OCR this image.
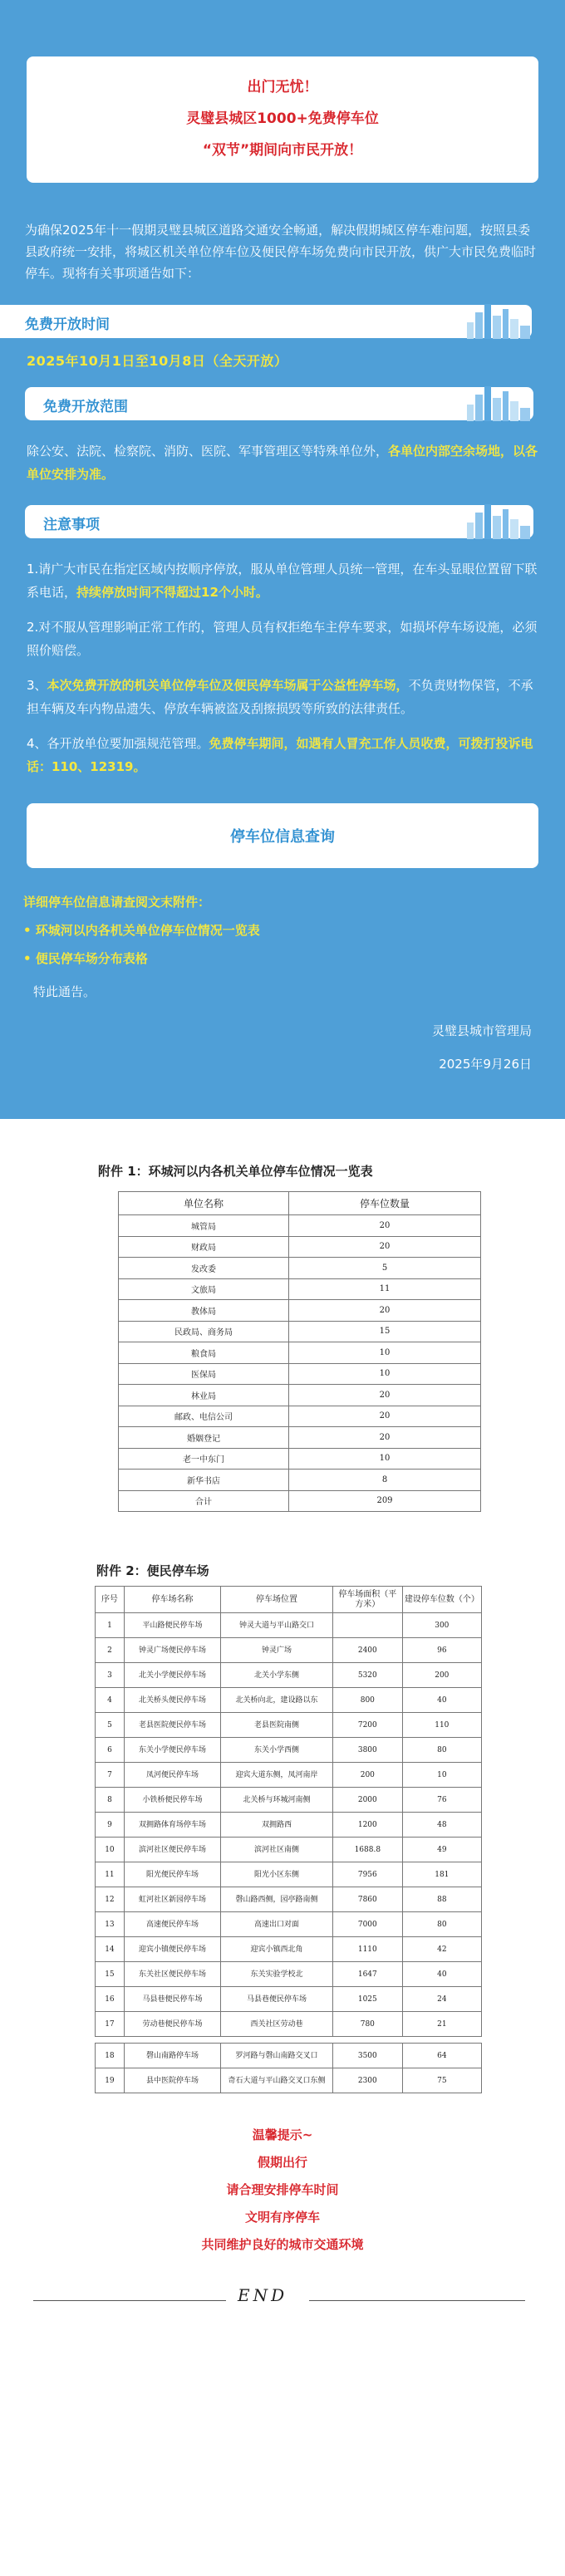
出门无忧！
灵璧县城区1000+免费停车位
“双节”期间向市民开放！

为确保2025年十一假期灵璧县城区道路交通安全畅通，解决假期城区停车难问题，按照县委县政府统一安排，将城区机关单位停车位及便民停车场免费向市民开放，供广大市民免费临时停车。现将有关事项通告如下：

免费开放时间
2025年10月1日至10月8日（全天开放）
免费开放范围

除公安、法院、检察院、消防、医院、军事管理区等特殊单位外，各单位内部空余场地，以各单位安排为准。

注意事项

1.请广大市民在指定区域内按顺序停放，服从单位管理人员统一管理，在车头显眼位置留下联系电话，持续停放时间不得超过12个小时。

2.对不服从管理影响正常工作的，管理人员有权拒绝车主停车要求，如损坏停车场设施，必须照价赔偿。

3、本次免费开放的机关单位停车位及便民停车场属于公益性停车场，不负责财物保管，不承担车辆及车内物品遗失、停放车辆被盗及刮擦损毁等所致的法律责任。

4、各开放单位要加强规范管理。免费停车期间，如遇有人冒充工作人员收费，可拨打投诉电话：110、12319。

停车位信息查询
详细停车位信息请查阅文末附件：
• 环城河以内各机关单位停车位情况一览表
• 便民停车场分布表格
特此通告。
灵璧县城市管理局
2025年9月26日
附件 1：环城河以内各机关单位停车位情况一览表
单位名称	停车位数量
城管局	20
财政局	20
发改委	5
文旅局	11
教体局	20
民政局、商务局	15
粮食局	10
医保局	10
林业局	20
邮政、电信公司	20
婚姻登记	20
老一中东门	10
新华书店	8
合计	209
附件 2：便民停车场
序号	停车场名称	停车场位置	停车场面积（平方米）	建设停车位数（个）
1	平山路便民停车场	钟灵大道与平山路交口		300
2	钟灵广场便民停车场	钟灵广场	2400	96
3	北关小学便民停车场	北关小学东侧	5320	200
4	北关桥头便民停车场	北关桥向北，建设路以东	800	40
5	老县医院便民停车场	老县医院南侧	7200	110
6	东关小学便民停车场	东关小学西侧	3800	80
7	凤河便民停车场	迎宾大道东侧，凤河南岸	200	10
8	小铁桥便民停车场	北关桥与环城河南侧	2000	76
9	双拥路体育场停车场	双拥路西	1200	48
10	滨河社区便民停车场	滨河社区南侧	1688.8	49
11	阳光便民停车场	阳光小区东侧	7956	181
12	虹河社区新园停车场	磬山路西侧，园亭路南侧	7860	88
13	高速便民停车场	高速出口对面	7000	80
14	迎宾小镇便民停车场	迎宾小镇西北角	1110	42
15	东关社区便民停车场	东关实验学校北	1647	40
16	马县巷便民停车场	马县巷便民停车场	1025	24
17	劳动巷便民停车场	西关社区劳动巷	780	21

18	磬山南路停车场	罗河路与磬山南路交叉口	3500	64
19	县中医院停车场	奇石大道与平山路交叉口东侧	2300	75
温馨提示~
假期出行
请合理安排停车时间
文明有序停车
共同维护良好的城市交通环境
END
